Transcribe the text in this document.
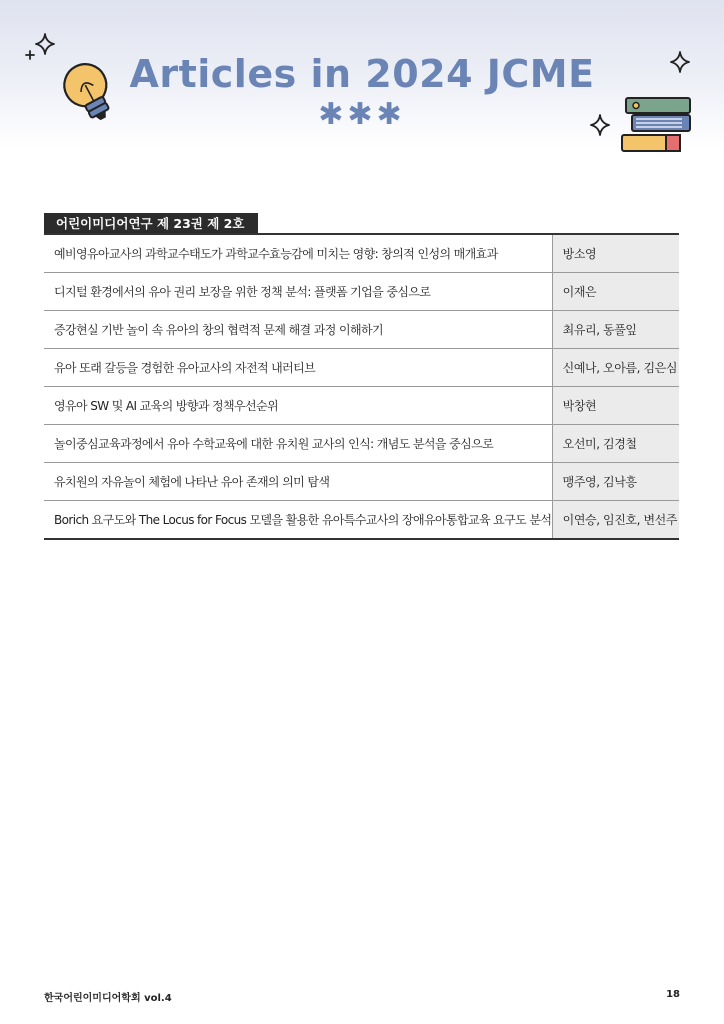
Articles in 2024 JCME
✱✱✱
어린이미디어연구 제 23권 제 2호
예비영유아교사의 과학교수태도가 과학교수효능감에 미치는 영향: 창의적 인성의 매개효과	방소영
디지털 환경에서의 유아 권리 보장을 위한 정책 분석: 플랫폼 기업을 중심으로	이재은
증강현실 기반 놀이 속 유아의 창의 협력적 문제 해결 과정 이해하기	최유리, 동풀잎
유아 또래 갈등을 경험한 유아교사의 자전적 내러티브	신예나, 오아름, 김은심
영유아 SW 및 AI 교육의 방향과 정책우선순위	박창현
놀이중심교육과정에서 유아 수학교육에 대한 유치원 교사의 인식: 개념도 분석을 중심으로	오선미, 김경철
유치원의 자유놀이 체험에 나타난 유아 존재의 의미 탐색	맹주영, 김낙흥
Borich 요구도와 The Locus for Focus 모델을 활용한 유아특수교사의 장애유아통합교육 요구도 분석	이연승, 임진호, 변선주
한국어린이미디어학회 vol.4	18
